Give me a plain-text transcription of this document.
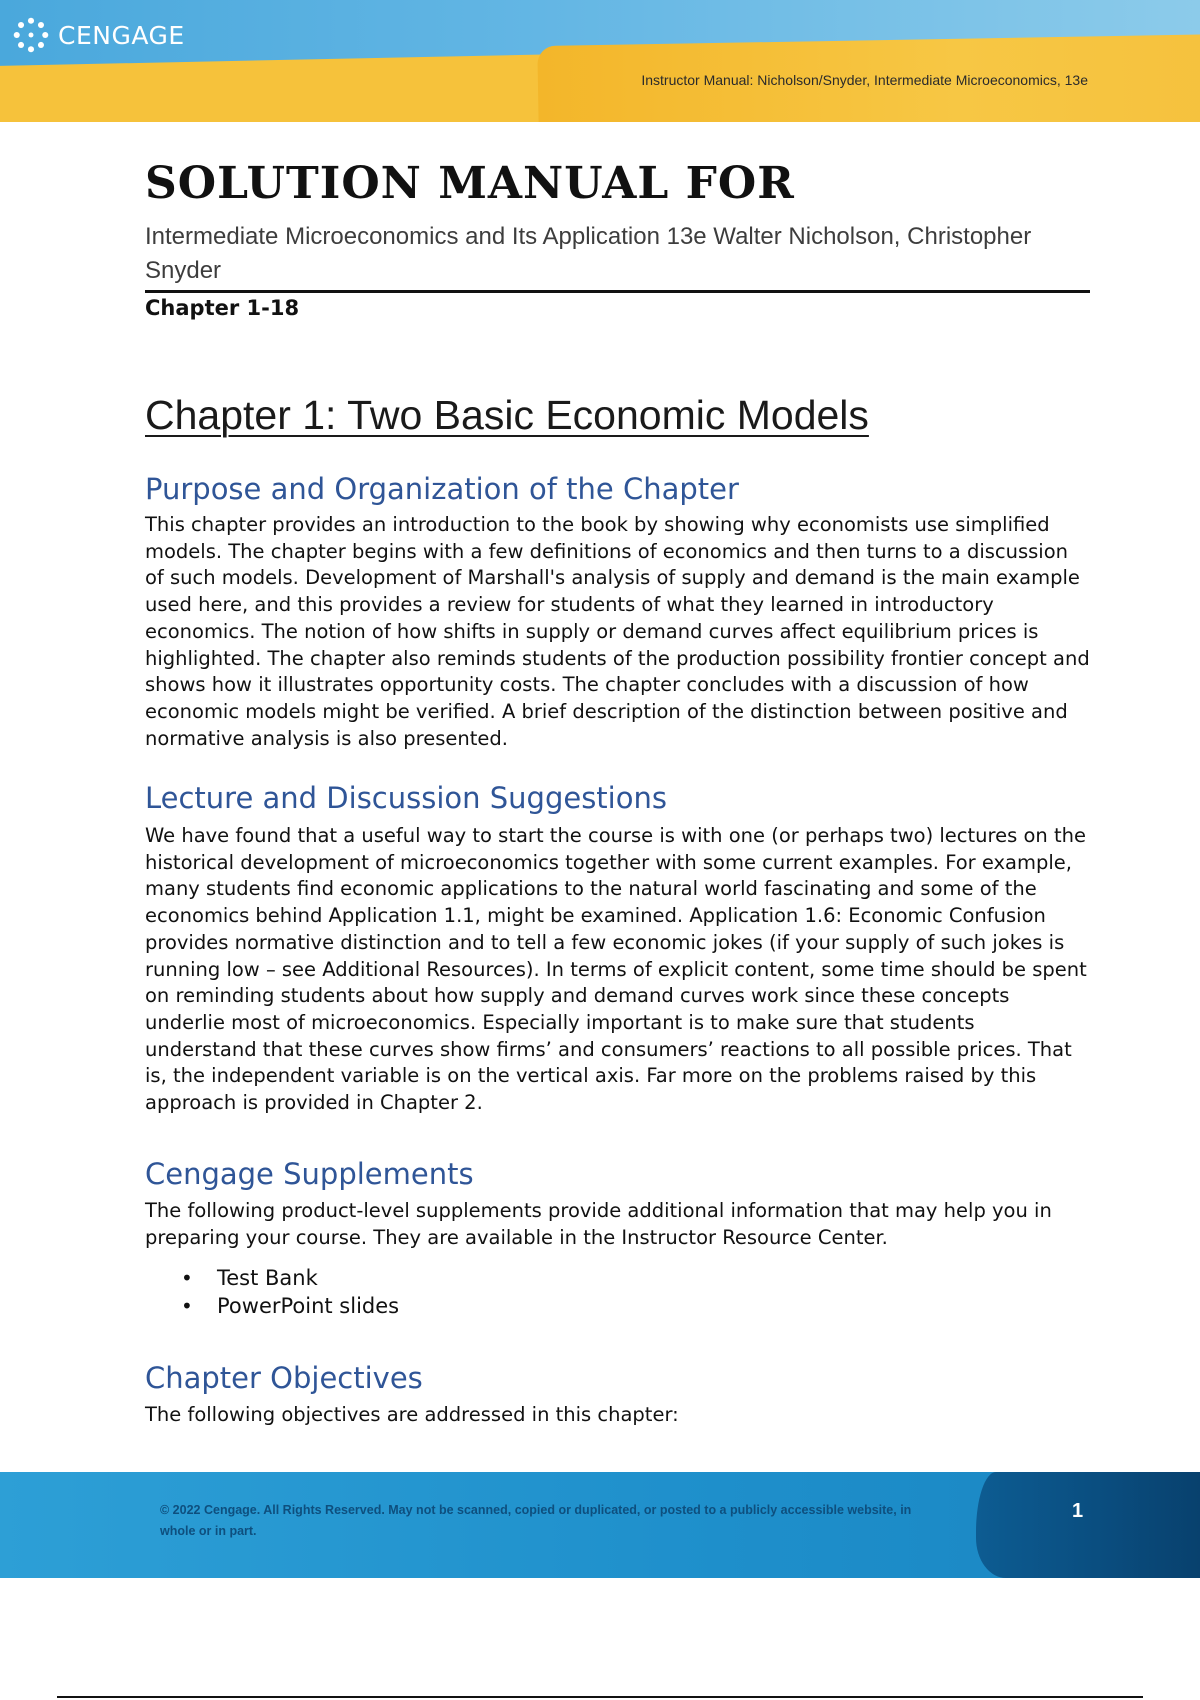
CENGAGE
Instructor Manual: Nicholson/Snyder, Intermediate Microeconomics, 13e
SOLUTION MANUAL FOR

Intermediate Microeconomics and Its Application 13e Walter Nicholson, Christopher Snyder

Chapter 1-18

Chapter 1: Two Basic Economic Models
Purpose and Organization of the Chapter

This chapter provides an introduction to the book by showing why economists use simplified models. The chapter begins with a few definitions of economics and then turns to a discussion of such models. Development of Marshall's analysis of supply and demand is the main example used here, and this provides a review for students of what they learned in introductory economics. The notion of how shifts in supply or demand curves affect equilibrium prices is highlighted. The chapter also reminds students of the production possibility frontier concept and shows how it illustrates opportunity costs. The chapter concludes with a discussion of how economic models might be verified. A brief description of the distinction between positive and normative analysis is also presented.

Lecture and Discussion Suggestions

We have found that a useful way to start the course is with one (or perhaps two) lectures on the historical development of microeconomics together with some current examples. For example, many students find economic applications to the natural world fascinating and some of the economics behind Application 1.1, might be examined. Application 1.6: Economic Confusion provides normative distinction and to tell a few economic jokes (if your supply of such jokes is running low – see Additional Resources). In terms of explicit content, some time should be spent on reminding students about how supply and demand curves work since these concepts underlie most of microeconomics. Especially important is to make sure that students understand that these curves show firms’ and consumers’ reactions to all possible prices. That is, the independent variable is on the vertical axis. Far more on the problems raised by this approach is provided in Chapter 2.

Cengage Supplements

The following product-level supplements provide additional information that may help you in preparing your course. They are available in the Instructor Resource Center.

• Test Bank
• PowerPoint slides
Chapter Objectives

The following objectives are addressed in this chapter:

© 2022 Cengage. All Rights Reserved. May not be scanned, copied or duplicated, or posted to a publicly accessible website, in whole or in part.

1
